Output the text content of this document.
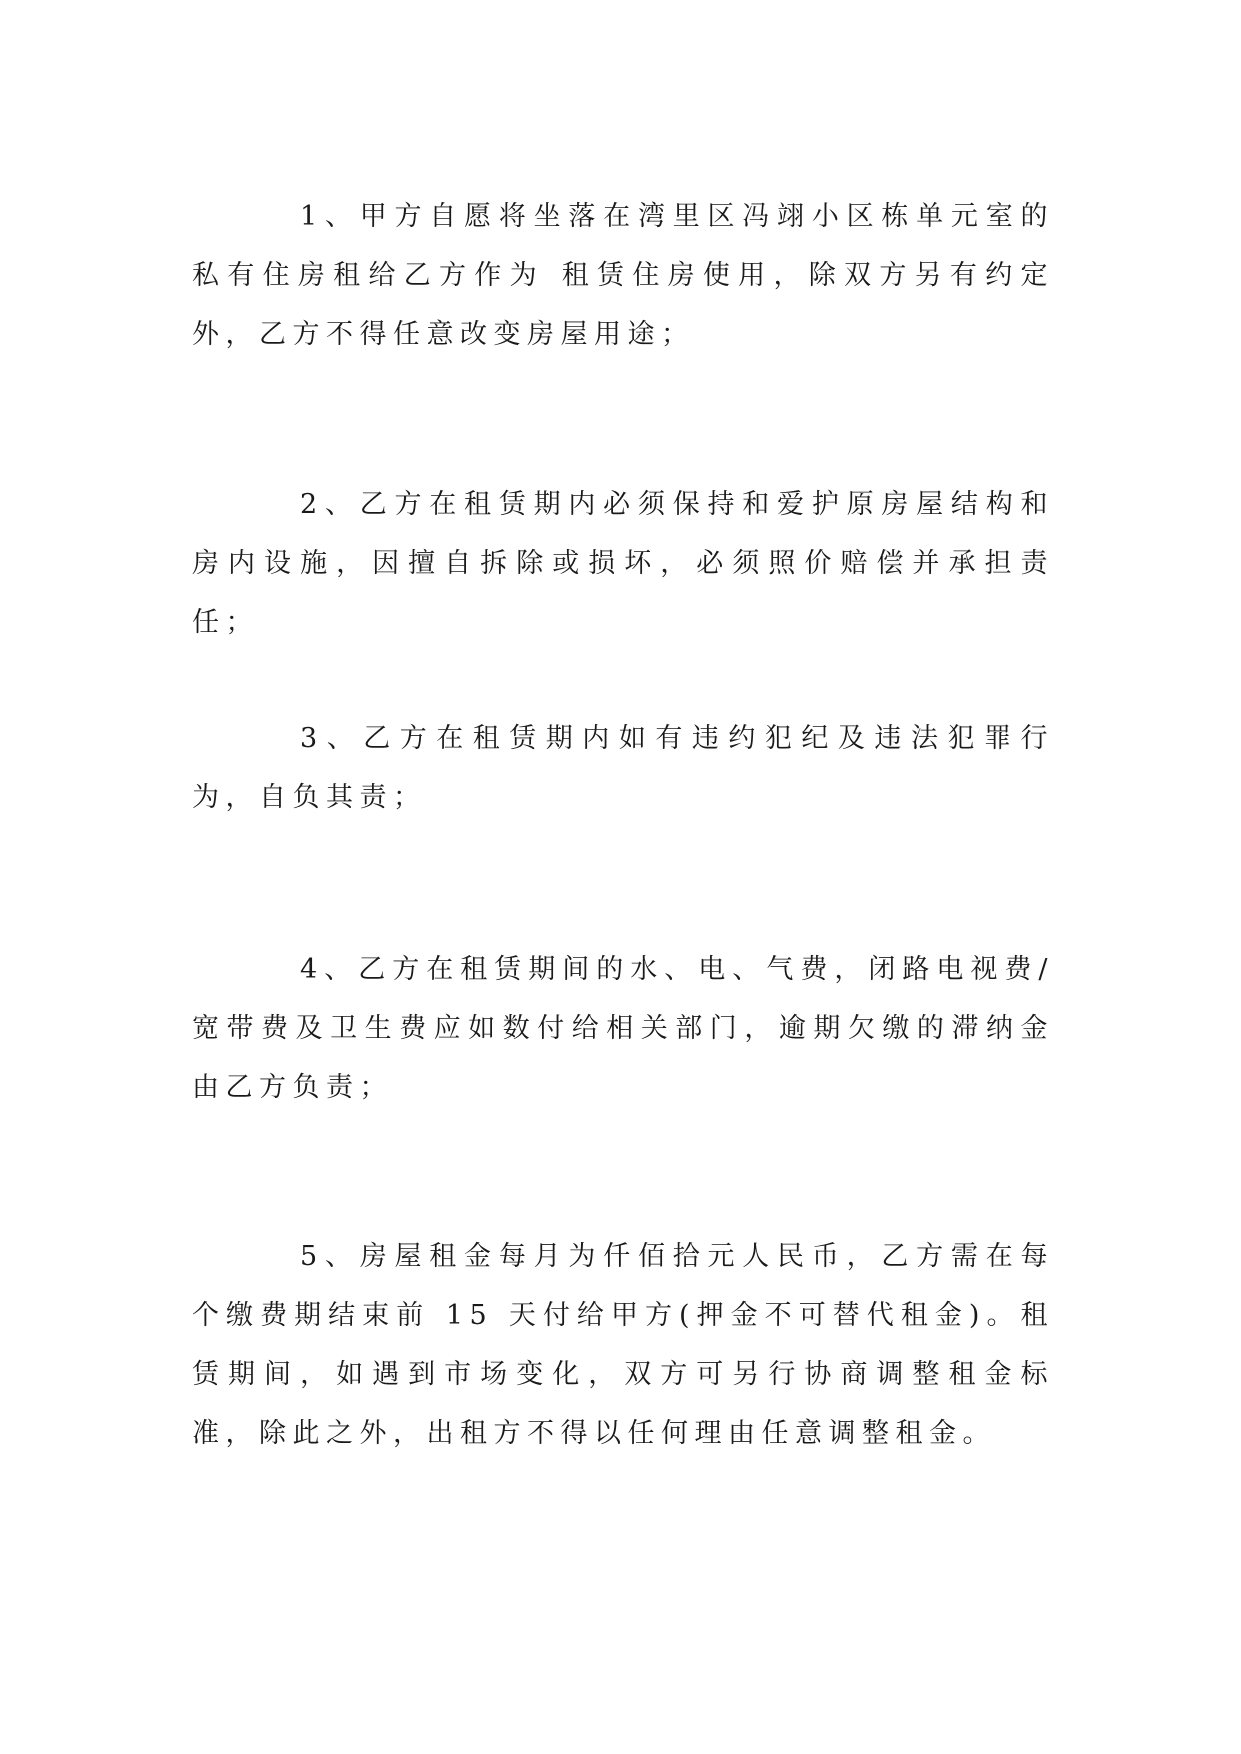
1、甲方自愿将坐落在湾里区冯翊小区栋单元室的私有住房租给乙方作为 租赁住房使用，除双方另有约定外，乙方不得任意改变房屋用途；

2、乙方在租赁期内必须保持和爱护原房屋结构和房内设施，因擅自拆除或损坏，必须照价赔偿并承担责任；

3、乙方在租赁期内如有违约犯纪及违法犯罪行为，自负其责；

4、乙方在租赁期间的水、电、气费，闭路电视费/宽带费及卫生费应如数付给相关部门，逾期欠缴的滞纳金由乙方负责；

5、房屋租金每月为仟佰拾元人民币，乙方需在每个缴费期结束前 15 天付给甲方(押金不可替代租金)。租赁期间，如遇到市场变化，双方可另行协商调整租金标准，除此之外，出租方不得以任何理由任意调整租金。
